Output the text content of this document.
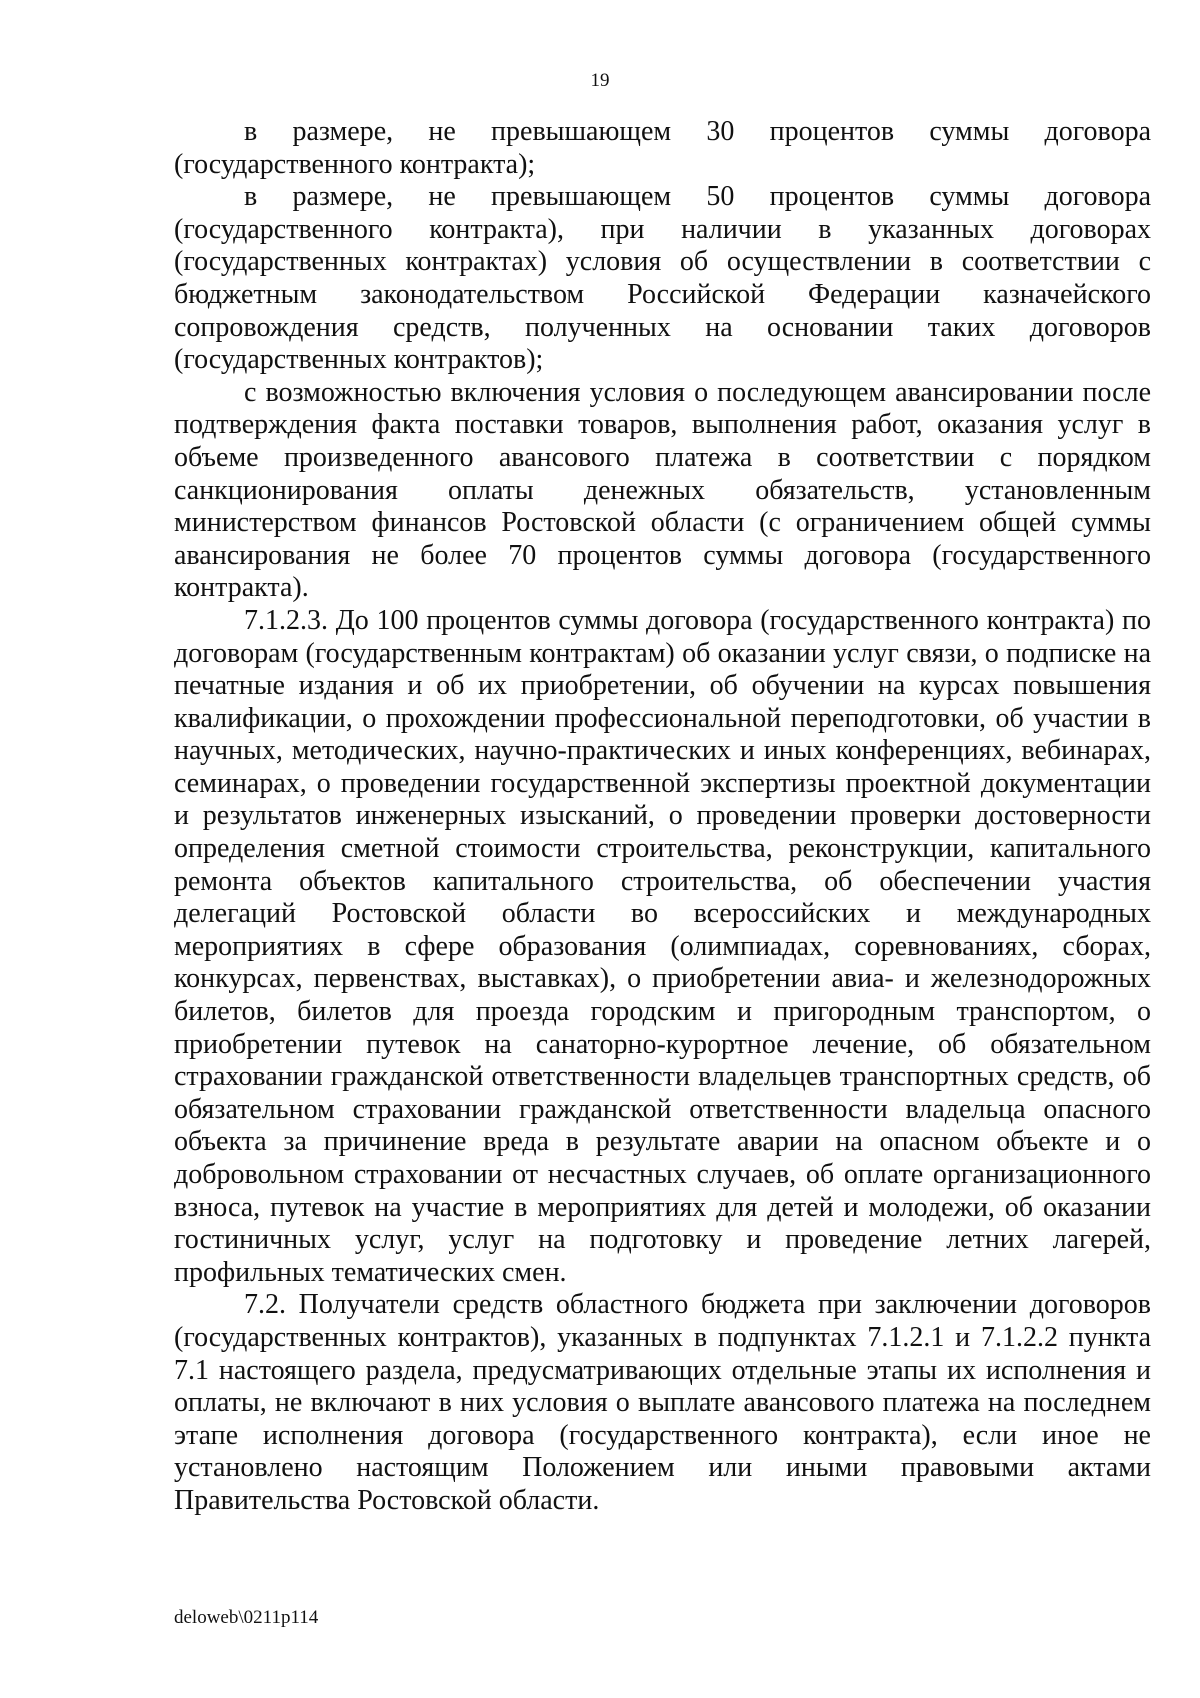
19

в размере, не превышающем 30 процентов суммы договора (государственного контракта);

в размере, не превышающем 50 процентов суммы договора (государственного контракта), при наличии в указанных договорах (государственных контрактах) условия об осуществлении в соответствии с бюджетным законодательством Российской Федерации казначейского сопровождения средств, полученных на основании таких договоров (государственных контрактов);

с возможностью включения условия о последующем авансировании после подтверждения факта поставки товаров, выполнения работ, оказания услуг в объеме произведенного авансового платежа в соответствии с порядком санкционирования оплаты денежных обязательств, установленным министерством финансов Ростовской области (с ограничением общей суммы авансирования не более 70 процентов суммы договора (государственного контракта).

7.1.2.3. До 100 процентов суммы договора (государственного контракта) по договорам (государственным контрактам) об оказании услуг связи, о подписке на печатные издания и об их приобретении, об обучении на курсах повышения квалификации, о прохождении профессиональной переподготовки, об участии в научных, методических, научно-практических и иных конференциях, вебинарах, семинарах, о проведении государственной экспертизы проектной документации и результатов инженерных изысканий, о проведении проверки достоверности определения сметной стоимости строительства, реконструкции, капитального ремонта объектов капитального строительства, об обеспечении участия делегаций Ростовской области во всероссийских и международных мероприятиях в сфере образования (олимпиадах, соревнованиях, сборах, конкурсах, первенствах, выставках), о приобретении авиа- и железнодорожных билетов, билетов для проезда городским и пригородным транспортом, о приобретении путевок на санаторно-курортное лечение, об обязательном страховании гражданской ответственности владельцев транспортных средств, об обязательном страховании гражданской ответственности владельца опасного объекта за причинение вреда в результате аварии на опасном объекте и о добровольном страховании от несчастных случаев, об оплате организационного взноса, путевок на участие в мероприятиях для детей и молодежи, об оказании гостиничных услуг, услуг на подготовку и проведение летних лагерей, профильных тематических смен.

7.2. Получатели средств областного бюджета при заключении договоров (государственных контрактов), указанных в подпунктах 7.1.2.1 и 7.1.2.2 пункта 7.1 настоящего раздела, предусматривающих отдельные этапы их исполнения и оплаты, не включают в них условия о выплате авансового платежа на последнем этапе исполнения договора (государственного контракта), если иное не установлено настоящим Положением или иными правовыми актами Правительства Ростовской области.

deloweb\0211p114
